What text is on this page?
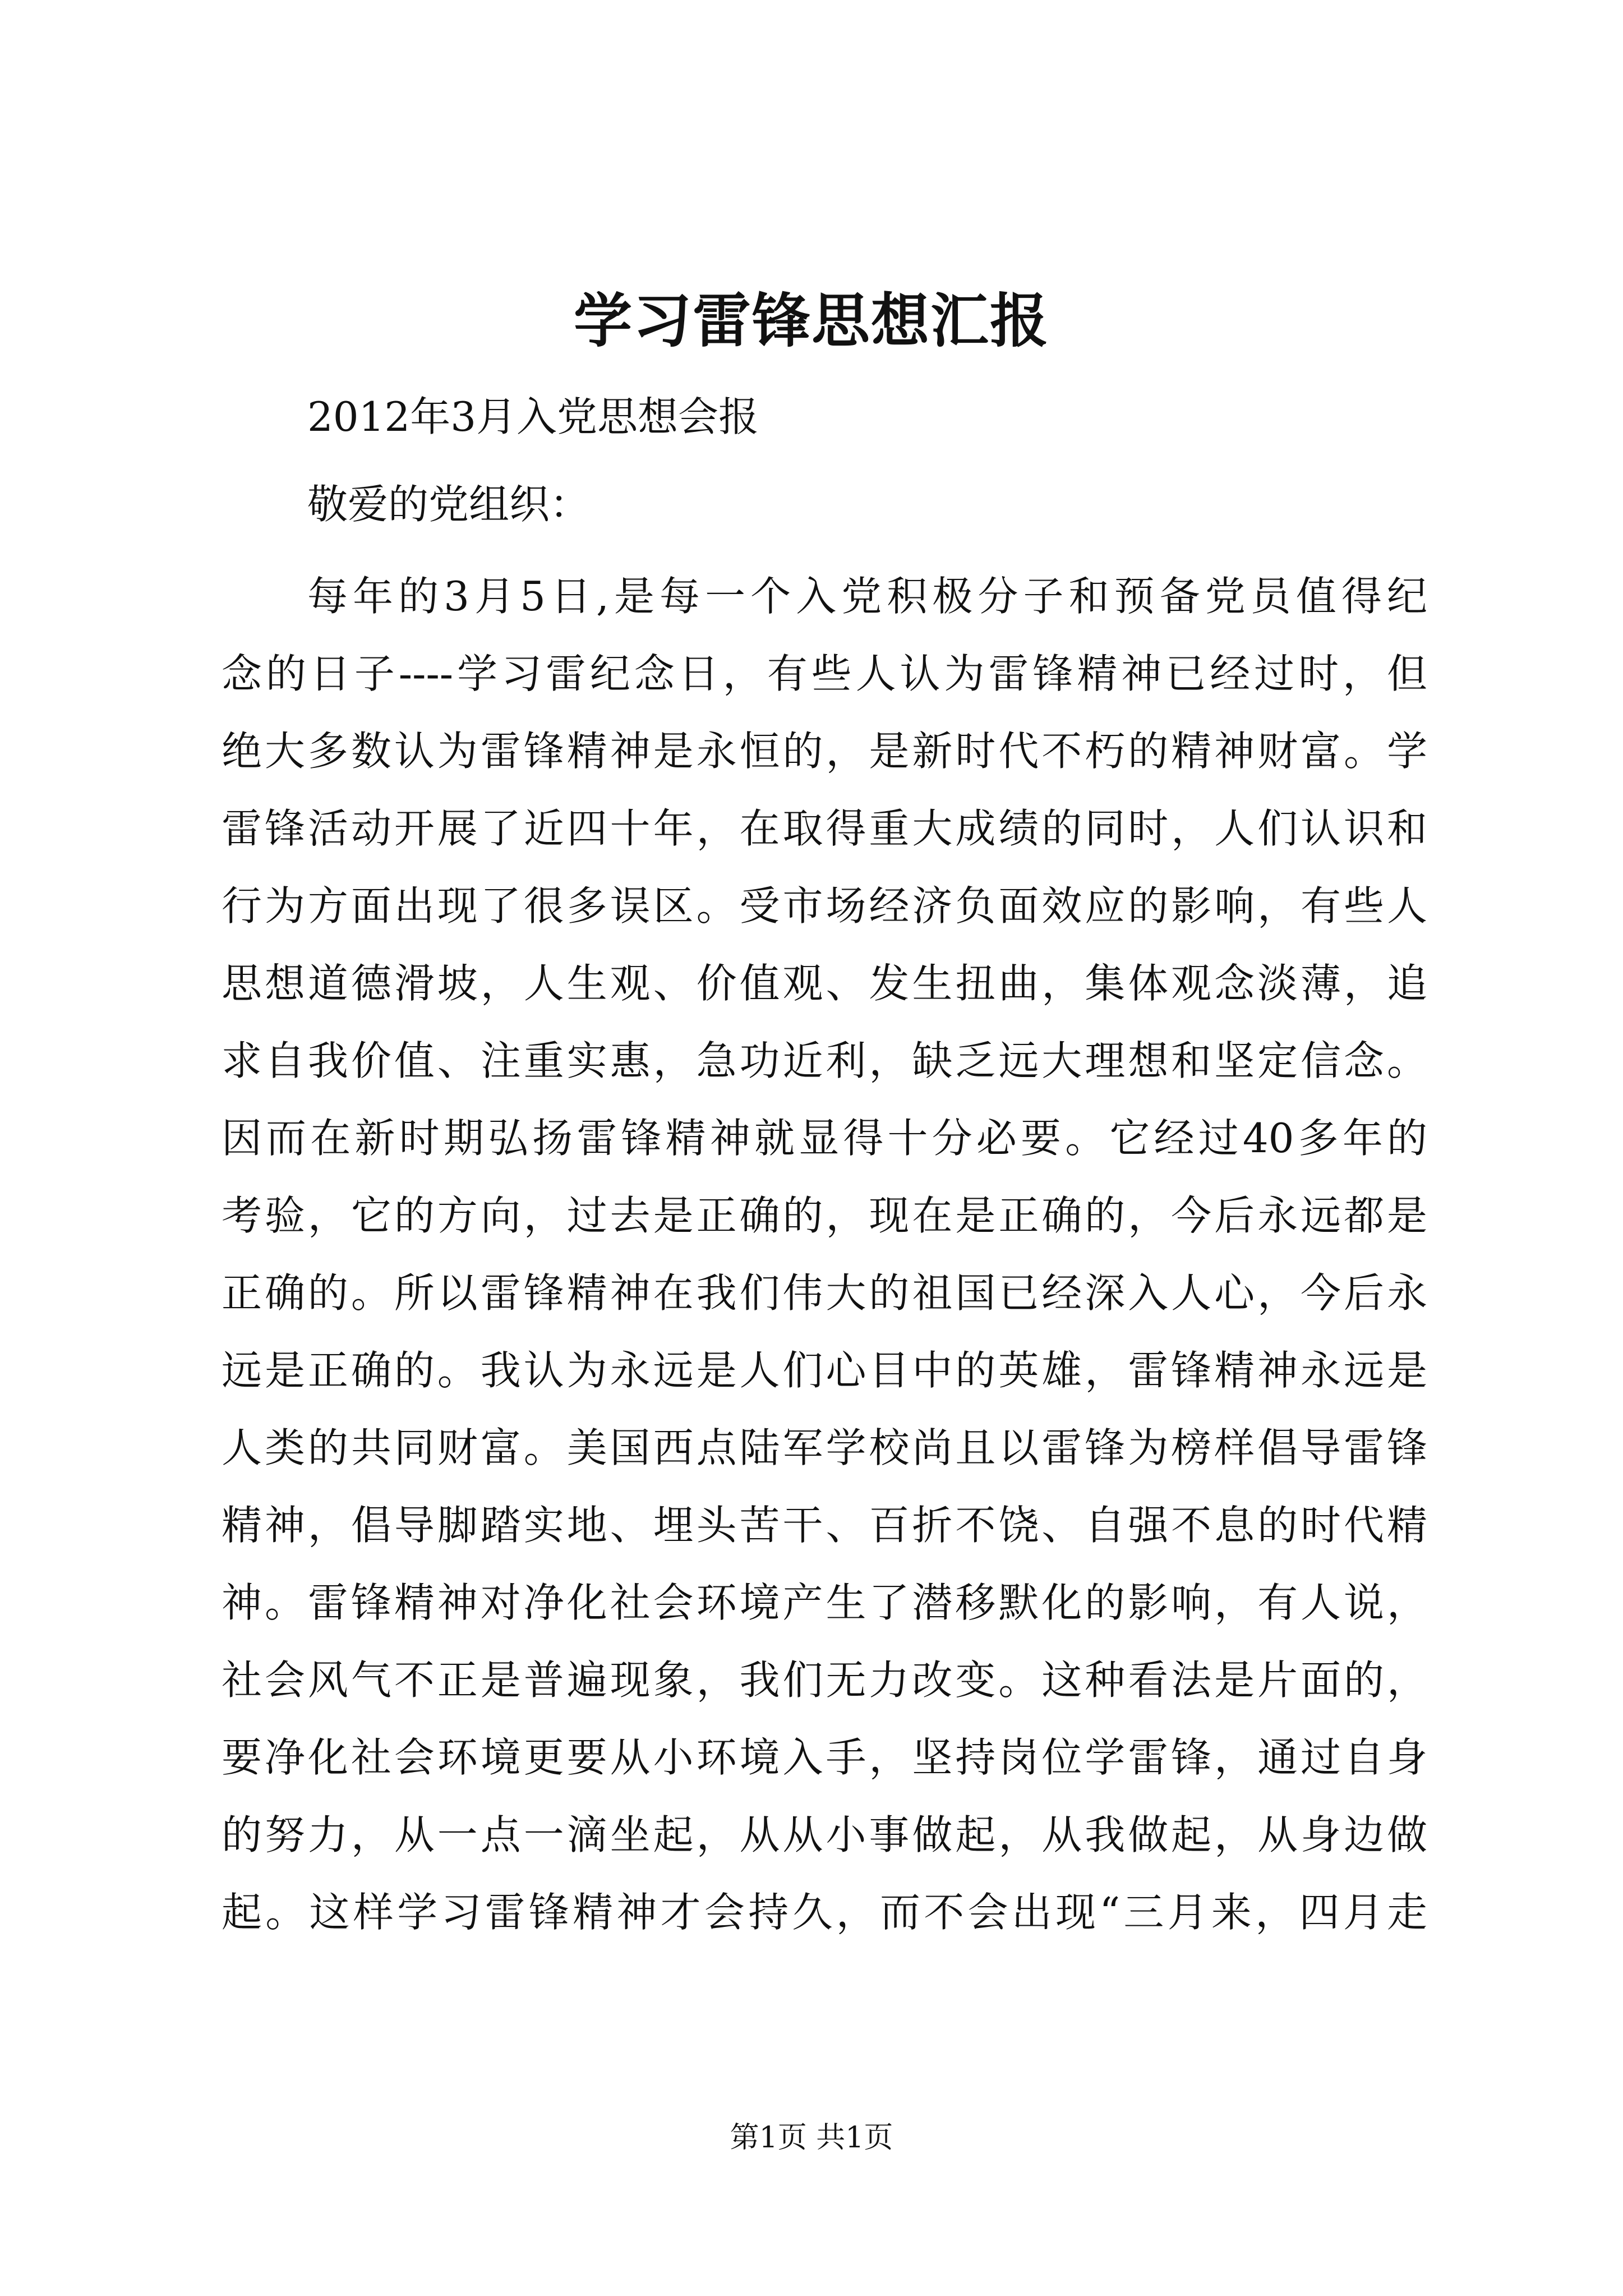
学习雷锋思想汇报
2012年3月入党思想会报
敬爱的党组织：
每年的3月5日,是每一个入党积极分子和预备党员值得纪
念的日子----学习雷纪念日，有些人认为雷锋精神已经过时，但
绝大多数认为雷锋精神是永恒的，是新时代不朽的精神财富。学
雷锋活动开展了近四十年，在取得重大成绩的同时，人们认识和
行为方面出现了很多误区。受市场经济负面效应的影响，有些人
思想道德滑坡，人生观、价值观、发生扭曲，集体观念淡薄，追
求自我价值、注重实惠，急功近利，缺乏远大理想和坚定信念。
因而在新时期弘扬雷锋精神就显得十分必要。它经过40多年的
考验，它的方向，过去是正确的，现在是正确的，今后永远都是
正确的。所以雷锋精神在我们伟大的祖国已经深入人心，今后永
远是正确的。我认为永远是人们心目中的英雄，雷锋精神永远是
人类的共同财富。美国西点陆军学校尚且以雷锋为榜样倡导雷锋
精神，倡导脚踏实地、埋头苦干、百折不饶、自强不息的时代精
神。雷锋精神对净化社会环境产生了潜移默化的影响，有人说，
社会风气不正是普遍现象，我们无力改变。这种看法是片面的，
要净化社会环境更要从小环境入手，坚持岗位学雷锋，通过自身
的努力，从一点一滴坐起，从从小事做起，从我做起，从身边做
起。这样学习雷锋精神才会持久，而不会出现“三月来，四月走
第1页 共1页
